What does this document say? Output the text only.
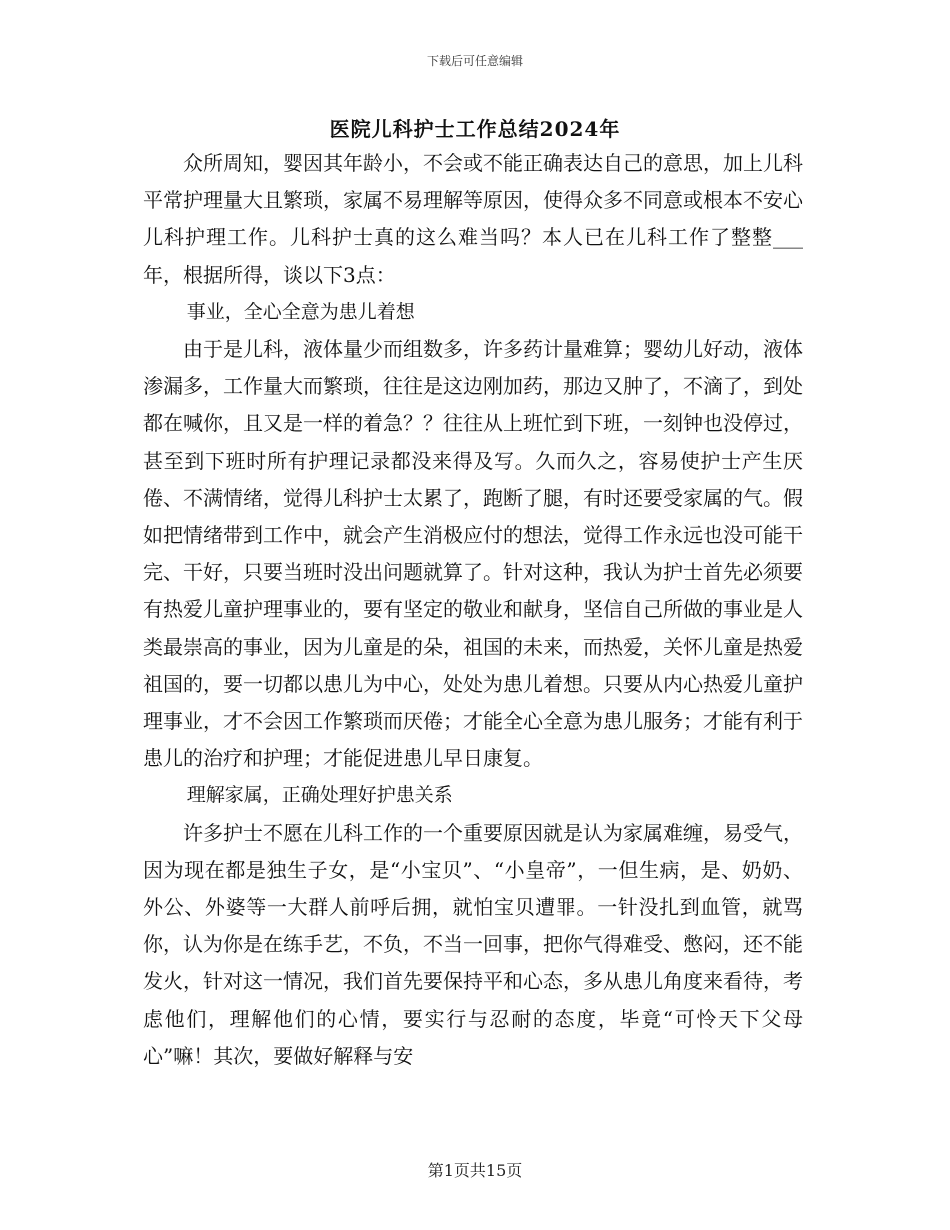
下载后可任意编辑
医院儿科护士工作总结2024年

众所周知，婴因其年龄小，不会或不能正确表达自己的意思，加上儿科平常护理量大且繁琐，家属不易理解等原因，使得众多不同意或根本不安心儿科护理工作。儿科护士真的这么难当吗？本人已在儿科工作了整整___年，根据所得，谈以下3点：

事业，全心全意为患儿着想

由于是儿科，液体量少而组数多，许多药计量难算；婴幼儿好动，液体渗漏多，工作量大而繁琐，往往是这边刚加药，那边又肿了，不滴了，到处都在喊你，且又是一样的着急？？往往从上班忙到下班，一刻钟也没停过，甚至到下班时所有护理记录都没来得及写。久而久之，容易使护士产生厌倦、不满情绪，觉得儿科护士太累了，跑断了腿，有时还要受家属的气。假如把情绪带到工作中，就会产生消极应付的想法，觉得工作永远也没可能干完、干好，只要当班时没出问题就算了。针对这种，我认为护士首先必须要有热爱儿童护理事业的，要有坚定的敬业和献身，坚信自己所做的事业是人类最崇高的事业，因为儿童是的朵，祖国的未来，而热爱，关怀儿童是热爱祖国的，要一切都以患儿为中心，处处为患儿着想。只要从内心热爱儿童护理事业，才不会因工作繁琐而厌倦；才能全心全意为患儿服务；才能有利于患儿的治疗和护理；才能促进患儿早日康复。

理解家属，正确处理好护患关系

许多护士不愿在儿科工作的一个重要原因就是认为家属难缠，易受气，因为现在都是独生子女，是“小宝贝”、“小皇帝”，一但生病，是、奶奶、外公、外婆等一大群人前呼后拥，就怕宝贝遭罪。一针没扎到血管，就骂你，认为你是在练手艺，不负，不当一回事，把你气得难受、憋闷，还不能发火，针对这一情况，我们首先要保持平和心态，多从患儿角度来看待，考虑他们，理解他们的心情，要实行与忍耐的态度，毕竟“可怜天下父母心”嘛！其次，要做好解释与安

第1页共15页
